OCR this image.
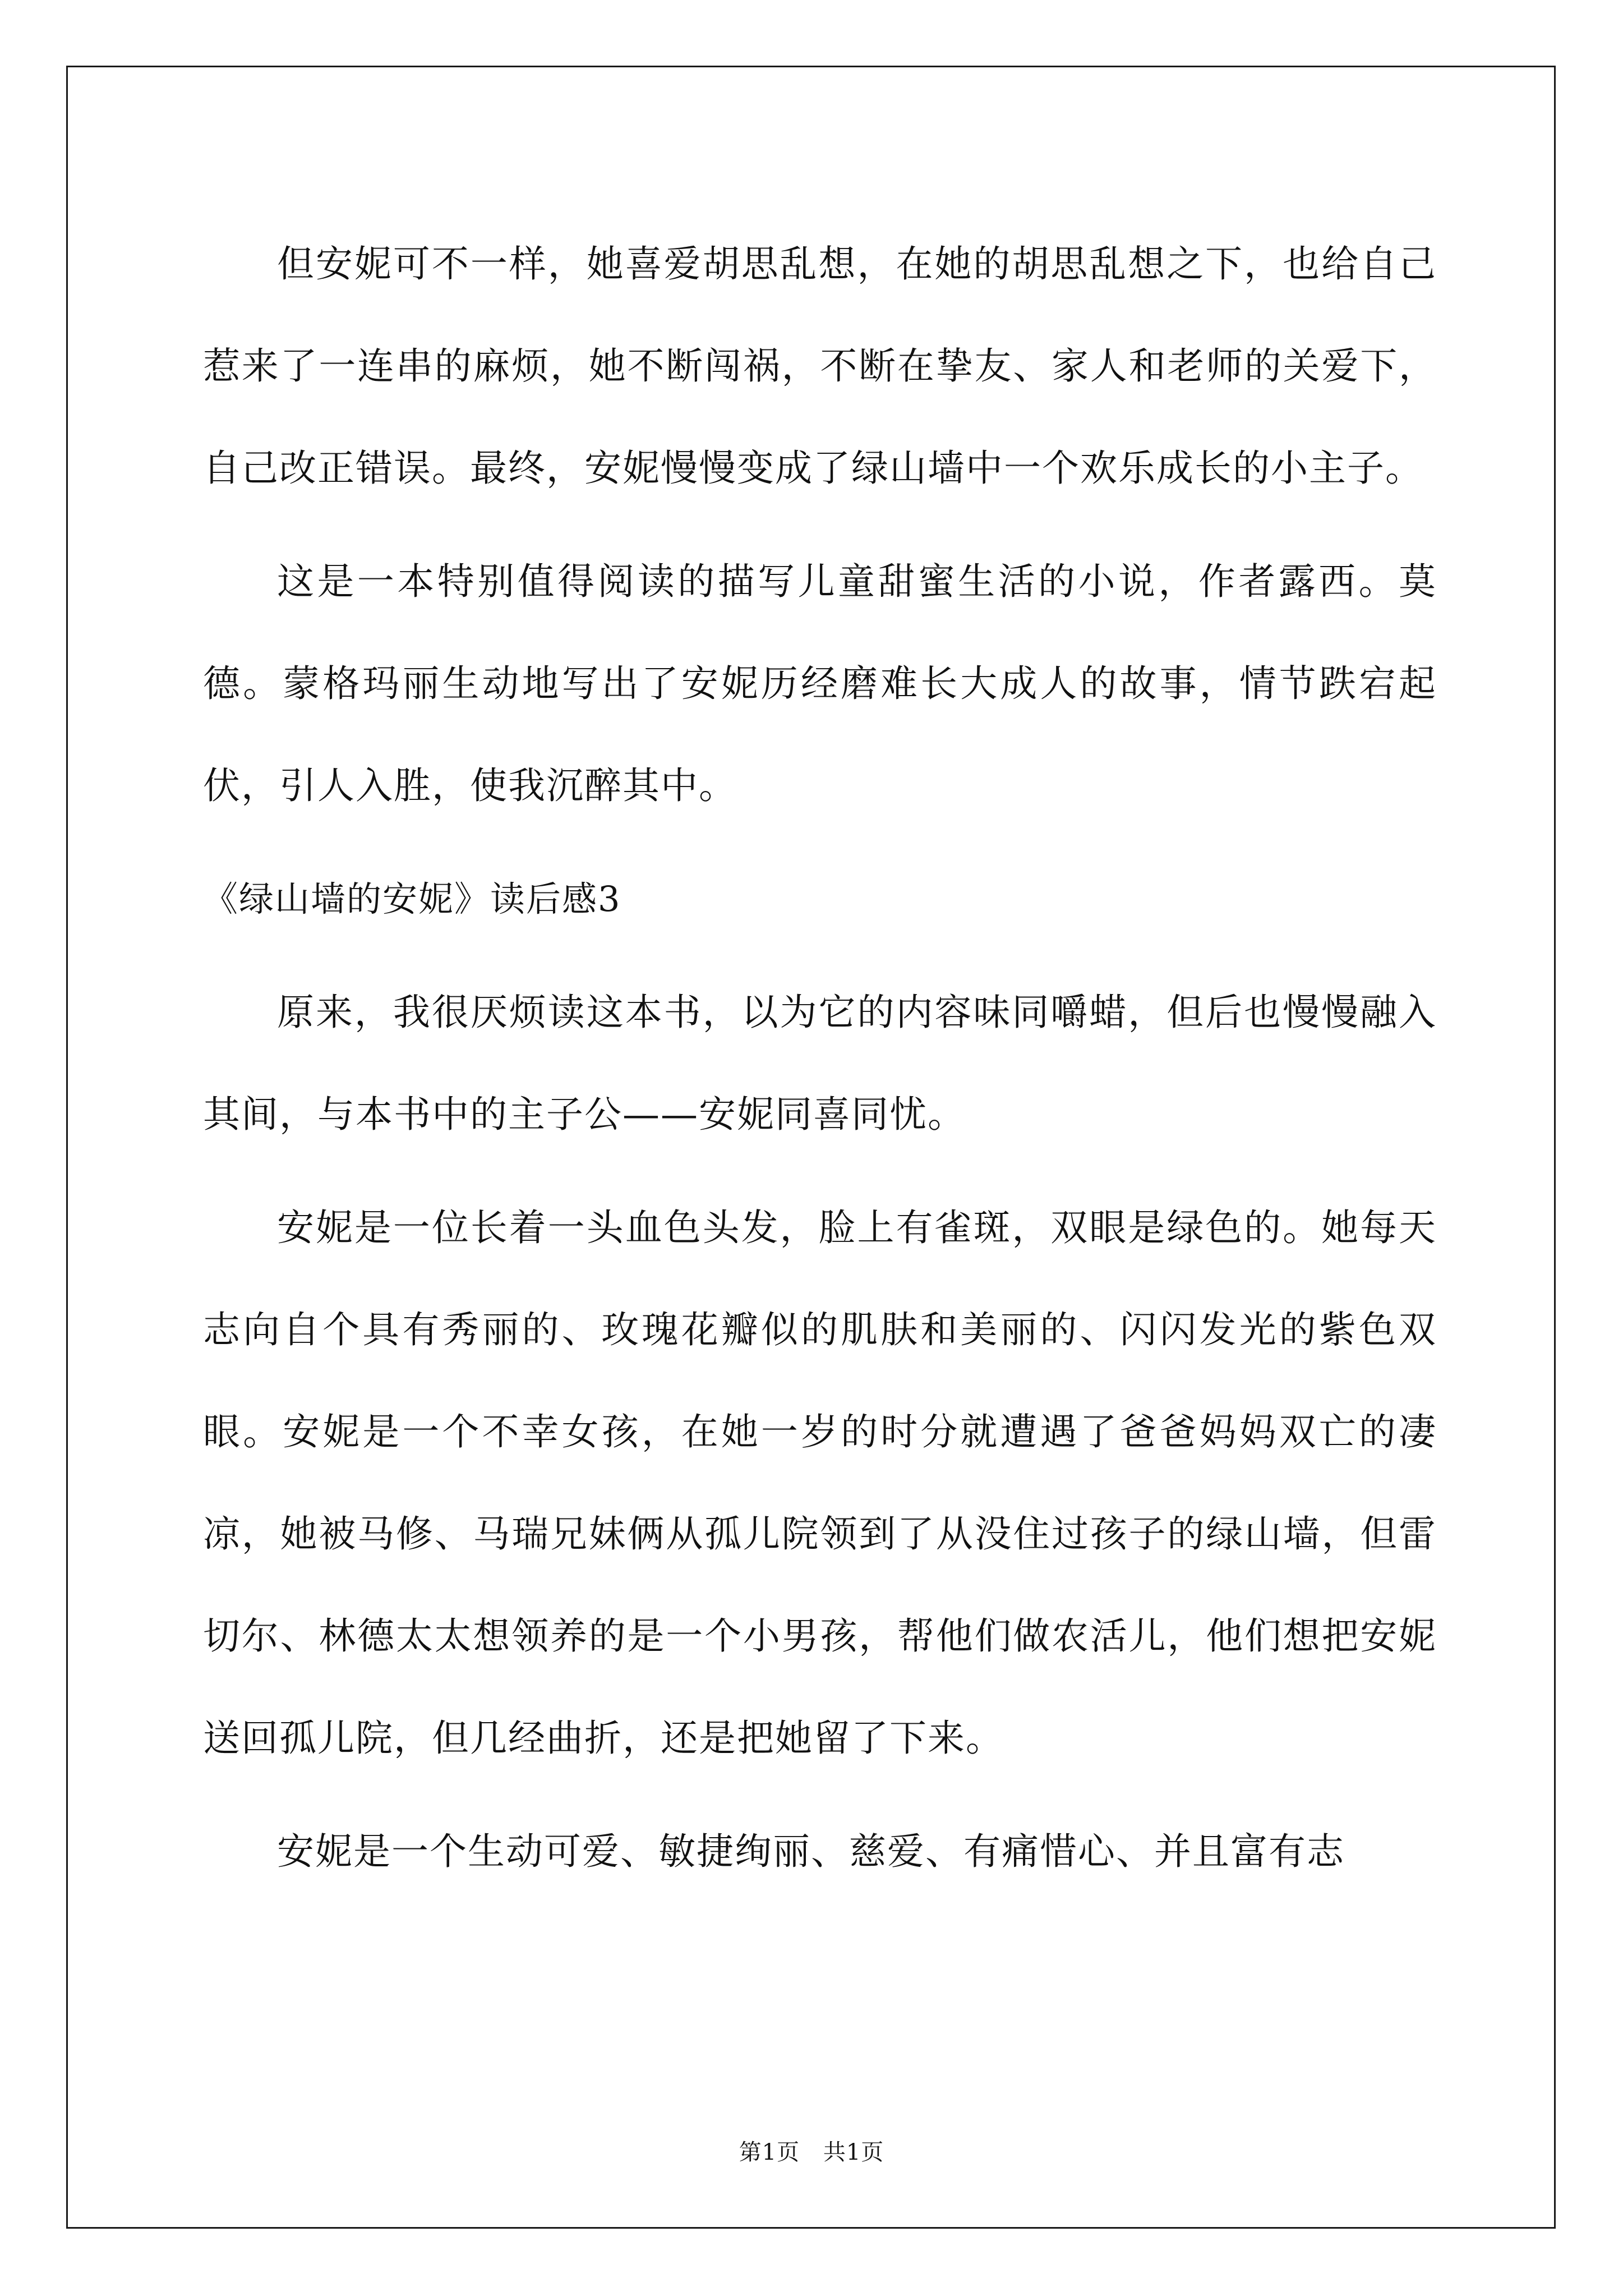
但安妮可不一样，她喜爱胡思乱想，在她的胡思乱想之下，也给自己惹来了一连串的麻烦，她不断闯祸，不断在挚友、家人和老师的关爱下，自己改正错误。最终，安妮慢慢变成了绿山墙中一个欢乐成长的小主子。

这是一本特别值得阅读的描写儿童甜蜜生活的小说，作者露西。莫德。蒙格玛丽生动地写出了安妮历经磨难长大成人的故事，情节跌宕起伏，引人入胜，使我沉醉其中。

《绿山墙的安妮》读后感3

原来，我很厌烦读这本书，以为它的内容味同嚼蜡，但后也慢慢融入其间，与本书中的主子公——安妮同喜同忧。

安妮是一位长着一头血色头发，脸上有雀斑，双眼是绿色的。她每天志向自个具有秀丽的、玫瑰花瓣似的肌肤和美丽的、闪闪发光的紫色双眼。安妮是一个不幸女孩，在她一岁的时分就遭遇了爸爸妈妈双亡的凄凉，她被马修、马瑞兄妹俩从孤儿院领到了从没住过孩子的绿山墙，但雷切尔、林德太太想领养的是一个小男孩，帮他们做农活儿，他们想把安妮送回孤儿院，但几经曲折，还是把她留了下来。

安妮是一个生动可爱、敏捷绚丽、慈爱、有痛惜心、并且富有志

第1页 共1页
